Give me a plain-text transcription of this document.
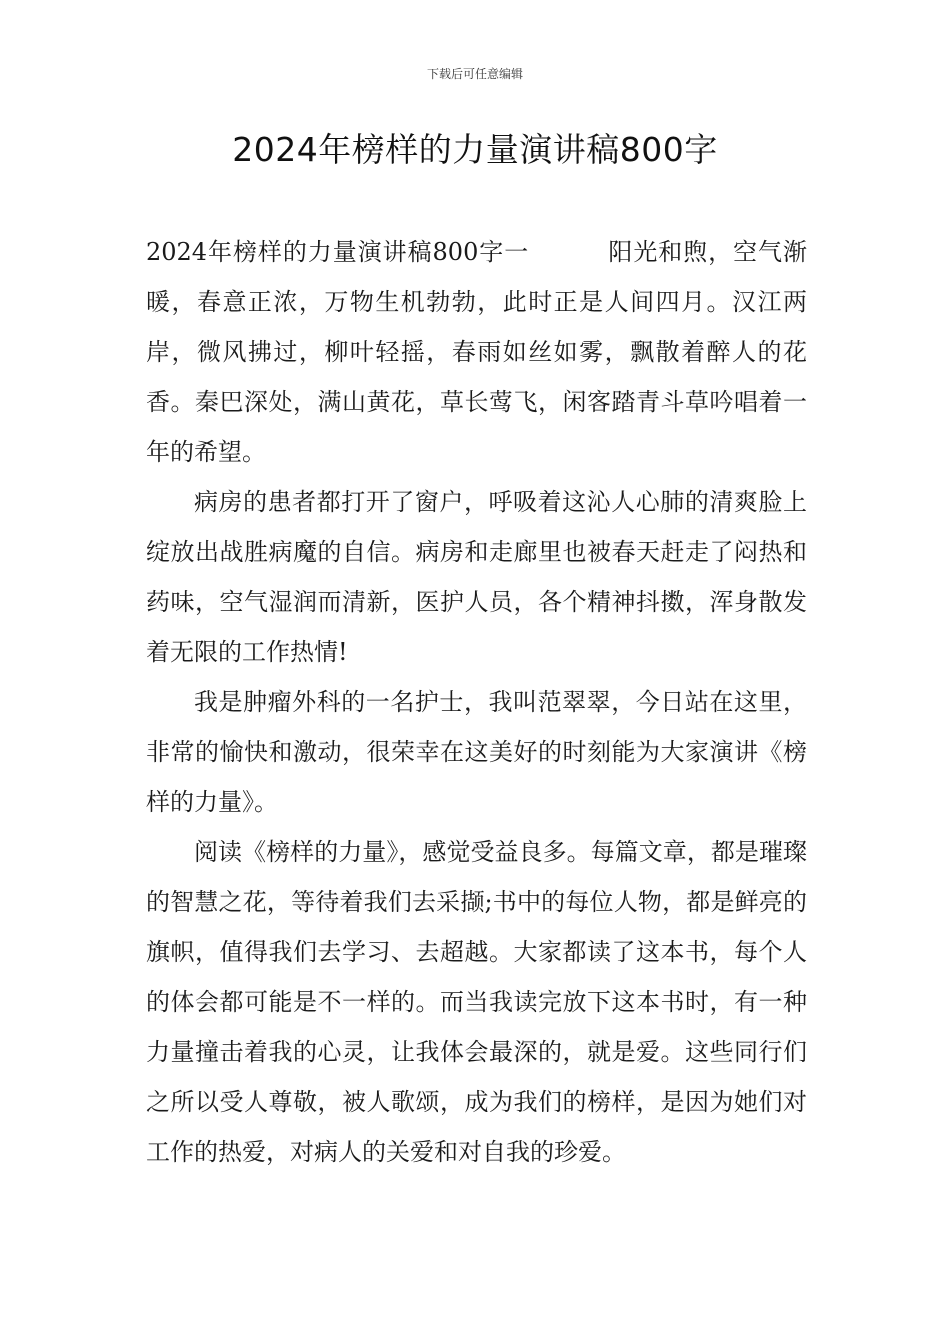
下载后可任意编辑
2024年榜样的力量演讲稿800字

2024年榜样的力量演讲稿800字一	阳光和煦，空气渐暖，春意正浓，万物生机勃勃，此时正是人间四月。汉江两岸，微风拂过，柳叶轻摇，春雨如丝如雾，飘散着醉人的花香。秦巴深处，满山黄花，草长莺飞，闲客踏青斗草吟唱着一年的希望。

病房的患者都打开了窗户，呼吸着这沁人心肺的清爽脸上绽放出战胜病魔的自信。病房和走廊里也被春天赶走了闷热和药味，空气湿润而清新，医护人员，各个精神抖擞，浑身散发着无限的工作热情!

我是肿瘤外科的一名护士，我叫范翠翠，今日站在这里，非常的愉快和激动，很荣幸在这美好的时刻能为大家演讲《榜样的力量》。

阅读《榜样的力量》，感觉受益良多。每篇文章，都是璀璨的智慧之花，等待着我们去采撷;书中的每位人物，都是鲜亮的旗帜，值得我们去学习、去超越。大家都读了这本书，每个人的体会都可能是不一样的。而当我读完放下这本书时，有一种力量撞击着我的心灵，让我体会最深的，就是爱。这些同行们之所以受人尊敬，被人歌颂，成为我们的榜样，是因为她们对工作的热爱，对病人的关爱和对自我的珍爱。
